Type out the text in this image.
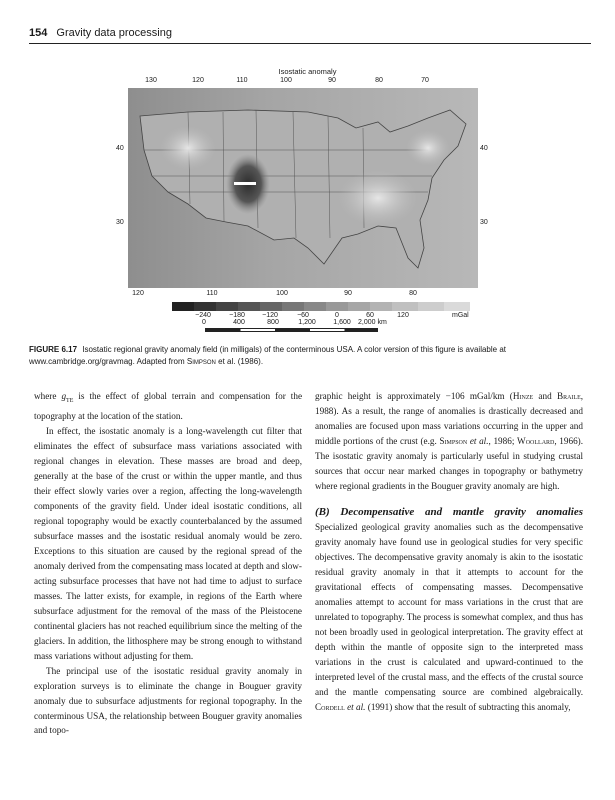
154 Gravity data processing
Isostatic anomaly
130	120	110	100	90	80	70
40
30
40
30
120	110	100	90	80
−240	−180	−120	−60	0	60	120	mGal
0	400	800	1,200	1,600	2,000 km
FIGURE 6.17 Isostatic regional gravity anomaly field (in milligals) of the conterminous USA. A color version of this figure is available at www.cambridge.org/gravmag. Adapted from Simpson et al. (1986).

where $g_{TE}$ is the effect of global terrain and compensation for the topography at the location of the station.

In effect, the isostatic anomaly is a long-wavelength cut filter that eliminates the effect of subsurface mass variations associated with regional changes in elevation. These masses are broad and deep, generally at the base of the crust or within the upper mantle, and thus their effect slowly varies over a region, affecting the long-wavelength components of the gravity field. Under ideal isostatic conditions, all regional topography would be exactly counterbalanced by the assumed subsurface masses and the isostatic residual anomaly would be zero. Exceptions to this situation are caused by the regional spread of the anomaly derived from the compensating mass located at depth and slow-acting subsurface processes that have not had time to adjust to surface masses. The latter exists, for example, in regions of the Earth where subsurface adjustment for the removal of the mass of the Pleistocene continental glaciers has not reached equilibrium since the melting of the glaciers. In addition, the lithosphere may be strong enough to withstand mass variations without adjusting for them.

The principal use of the isostatic residual gravity anomaly in exploration surveys is to eliminate the change in Bouguer gravity anomaly due to subsurface adjustments for regional topography. In the conterminous USA, the relationship between Bouguer gravity anomalies and topo-

graphic height is approximately −106 mGal/km (Hinze and Braile, 1988). As a result, the range of anomalies is drastically decreased and anomalies are focused upon mass variations occurring in the upper and middle portions of the crust (e.g. Simpson et al., 1986; Woollard, 1966). The isostatic gravity anomaly is particularly useful in studying crustal sources that occur near marked changes in topography or bathymetry where regional gradients in the Bouguer gravity anomaly are high.

(B) Decompensative and mantle gravity anomalies Specialized geological gravity anomalies such as the decompensative gravity anomaly have found use in geological studies for very specific objectives. The decompensative gravity anomaly is akin to the isostatic residual gravity anomaly in that it attempts to account for the gravitational effects of compensating masses. Decompensative anomalies attempt to account for mass variations in the crust that are unrelated to topography. The process is somewhat complex, and thus has not been broadly used in geological interpretation. The gravity effect at depth within the mantle of opposite sign to the interpreted mass variations in the crust is calculated and upward-continued to the interpreted level of the crustal mass, and the effects of the crustal source and the mantle compensating source are combined algebraically. Cordell et al. (1991) show that the result of subtracting this anomaly,
